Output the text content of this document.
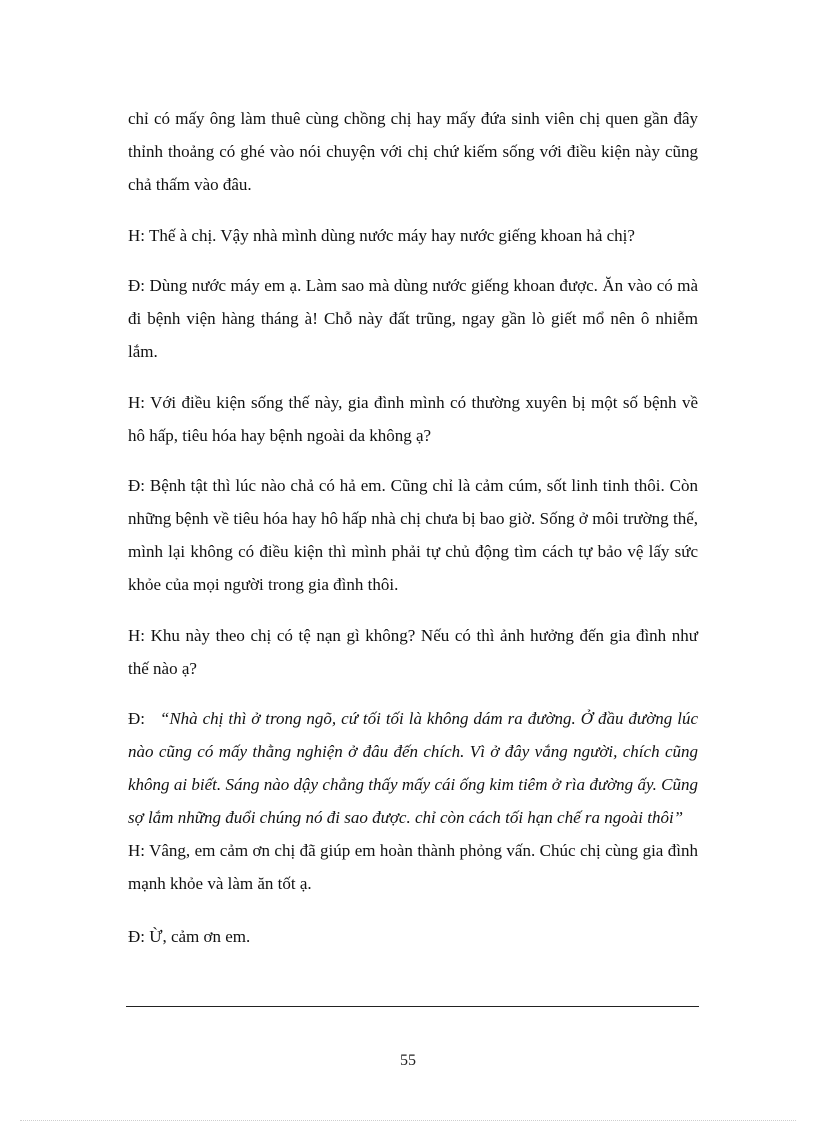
chỉ có mấy ông làm thuê cùng chồng chị hay mấy đứa sinh viên chị quen gần đây thỉnh thoảng có ghé vào nói chuyện với chị chứ kiếm sống với điều kiện này cũng chả thấm vào đâu.

H: Thế à chị. Vậy nhà mình dùng nước máy hay nước giếng khoan hả chị?

Đ: Dùng nước máy em ạ. Làm sao mà dùng nước giếng khoan được. Ăn vào có mà đi bệnh viện hàng tháng à! Chỗ này đất trũng, ngay gần lò giết mổ nên ô nhiễm lắm.

H: Với điều kiện sống thế này, gia đình mình có thường xuyên bị một số bệnh về hô hấp, tiêu hóa hay bệnh ngoài da không ạ?

Đ: Bệnh tật thì lúc nào chả có hả em. Cũng chỉ là cảm cúm, sốt linh tinh thôi. Còn những bệnh về tiêu hóa hay hô hấp nhà chị chưa bị bao giờ. Sống ở môi trường thế, mình lại không có điều kiện thì mình phải tự chủ động tìm cách tự bảo vệ lấy sức khỏe của mọi người trong gia đình thôi.

H: Khu này theo chị có tệ nạn gì không? Nếu có thì ảnh hưởng đến gia đình như thế nào ạ?

Đ: “Nhà chị thì ở trong ngõ, cứ tối tối là không dám ra đường. Ở đầu đường lúc nào cũng có mấy thằng nghiện ở đâu đến chích. Vì ở đây vắng người, chích cũng không ai biết. Sáng nào dậy chẳng thấy mấy cái ống kim tiêm ở rìa đường ấy. Cũng sợ lắm những đuổi chúng nó đi sao được. chỉ còn cách tối hạn chế ra ngoài thôi”

H: Vâng, em cảm ơn chị đã giúp em hoàn thành phỏng vấn. Chúc chị cùng gia đình mạnh khỏe và làm ăn tốt ạ.

Đ: Ừ, cảm ơn em.

55
